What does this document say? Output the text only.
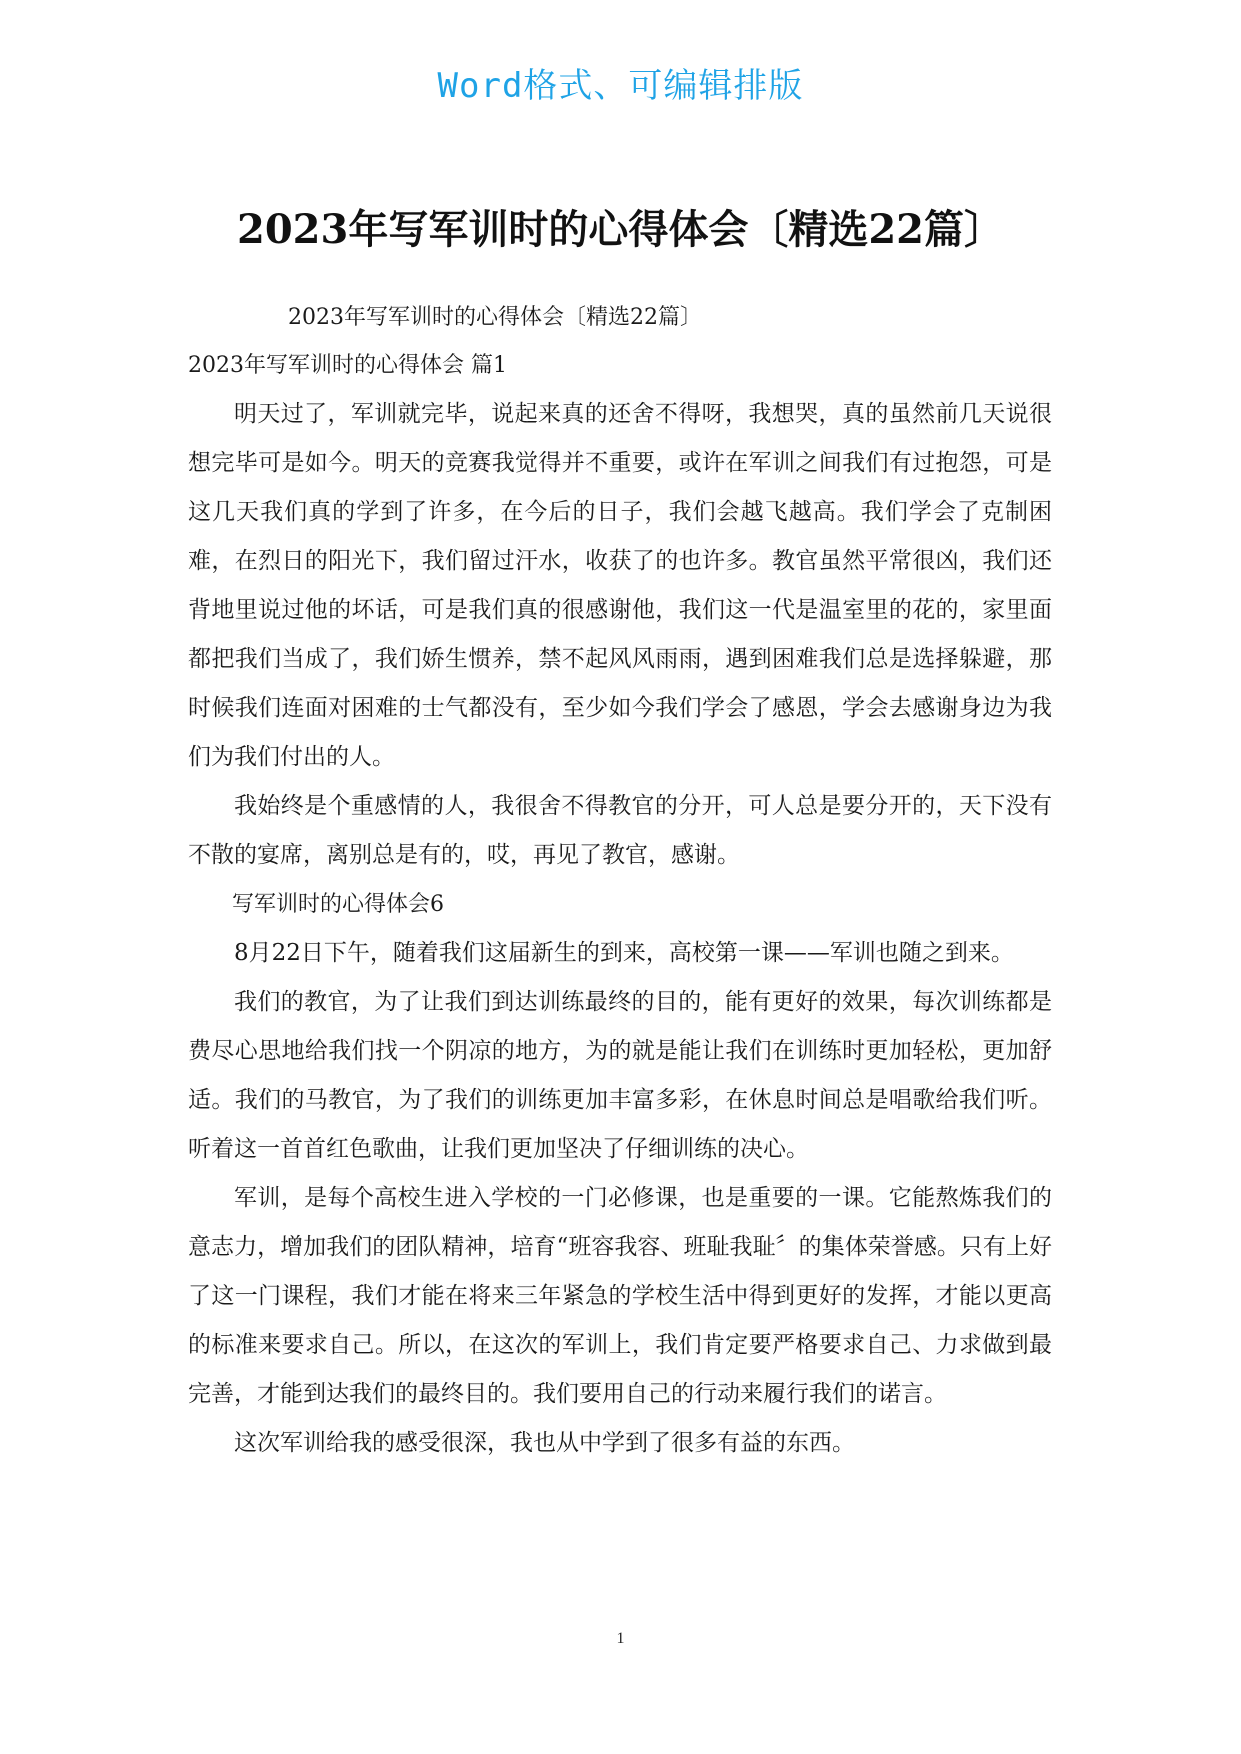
Word格式、可编辑排版
2023年写军训时的心得体会〔精选22篇〕

2023年写军训时的心得体会〔精选22篇〕

2023年写军训时的心得体会 篇1

明天过了，军训就完毕，说起来真的还舍不得呀，我想哭，真的虽然前几天说很想完毕可是如今。明天的竞赛我觉得并不重要，或许在军训之间我们有过抱怨，可是这几天我们真的学到了许多，在今后的日子，我们会越飞越高。我们学会了克制困难，在烈日的阳光下，我们留过汗水，收获了的也许多。教官虽然平常很凶，我们还背地里说过他的坏话，可是我们真的很感谢他，我们这一代是温室里的花的，家里面都把我们当成了，我们娇生惯养，禁不起风风雨雨，遇到困难我们总是选择躲避，那时候我们连面对困难的士气都没有，至少如今我们学会了感恩，学会去感谢身边为我们为我们付出的人。

我始终是个重感情的人，我很舍不得教官的分开，可人总是要分开的，天下没有不散的宴席，离别总是有的，哎，再见了教官，感谢。

写军训时的心得体会6

8月22日下午，随着我们这届新生的到来，高校第一课——军训也随之到来。

我们的教官，为了让我们到达训练最终的目的，能有更好的效果，每次训练都是费尽心思地给我们找一个阴凉的地方，为的就是能让我们在训练时更加轻松，更加舒适。我们的马教官，为了我们的训练更加丰富多彩，在休息时间总是唱歌给我们听。听着这一首首红色歌曲，让我们更加坚决了仔细训练的决心。

军训，是每个高校生进入学校的一门必修课，也是重要的一课。它能熬炼我们的意志力，增加我们的团队精神，培育“班容我容、班耻我耻〞的集体荣誉感。只有上好了这一门课程，我们才能在将来三年紧急的学校生活中得到更好的发挥，才能以更高的标准来要求自己。所以，在这次的军训上，我们肯定要严格要求自己、力求做到最完善，才能到达我们的最终目的。我们要用自己的行动来履行我们的诺言。

这次军训给我的感受很深，我也从中学到了很多有益的东西。

1
